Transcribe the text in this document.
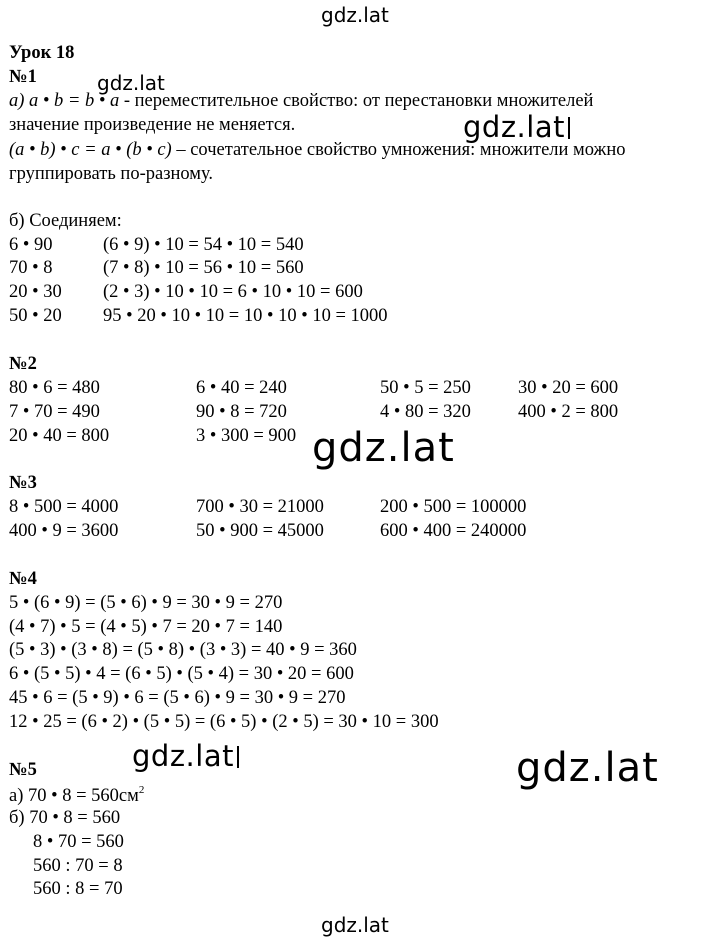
gdz.lat
gdz.lat
gdz.lat
gdz.lat
gdz.lat	gdz.lat
gdz.lat
Урок 18
№1
а) a • b = b • a - переместительное свойство: от перестановки множителей
значение произведение не меняется.
(a • b) • c = a • (b • c) – сочетательное свойство умножения: множители можно
группировать по-разному.
б) Соединяем:
6 • 90
70 • 8
20 • 30
50 • 20
(6 • 9) • 10 = 54 • 10 = 540
(7 • 8) • 10 = 56 • 10 = 560
(2 • 3) • 10 • 10 = 6 • 10 • 10 = 600
95 • 20 • 10 • 10 = 10 • 10 • 10 = 1000
№2
80 • 6 = 480
7 • 70 = 490
20 • 40 = 800
6 • 40 = 240
90 • 8 = 720
3 • 300 = 900
50 • 5 = 250
4 • 80 = 320
30 • 20 = 600
400 • 2 = 800
№3
8 • 500 = 4000
400 • 9 = 3600
700 • 30 = 21000
50 • 900 = 45000
200 • 500 = 100000
600 • 400 = 240000
№4
5 • (6 • 9) = (5 • 6) • 9 = 30 • 9 = 270
(4 • 7) • 5 = (4 • 5) • 7 = 20 • 7 = 140
(5 • 3) • (3 • 8) = (5 • 8) • (3 • 3) = 40 • 9 = 360
6 • (5 • 5) • 4 = (6 • 5) • (5 • 4) = 30 • 20 = 600
45 • 6 = (5 • 9) • 6 = (5 • 6) • 9 = 30 • 9 = 270
12 • 25 = (6 • 2) • (5 • 5) = (6 • 5) • (2 • 5) = 30 • 10 = 300
№5
а) 70 • $8 = 560см^2$
б) 70 • 8 = 560
8 • 70 = 560
560 : 70 = 8
560 : 8 = 70
